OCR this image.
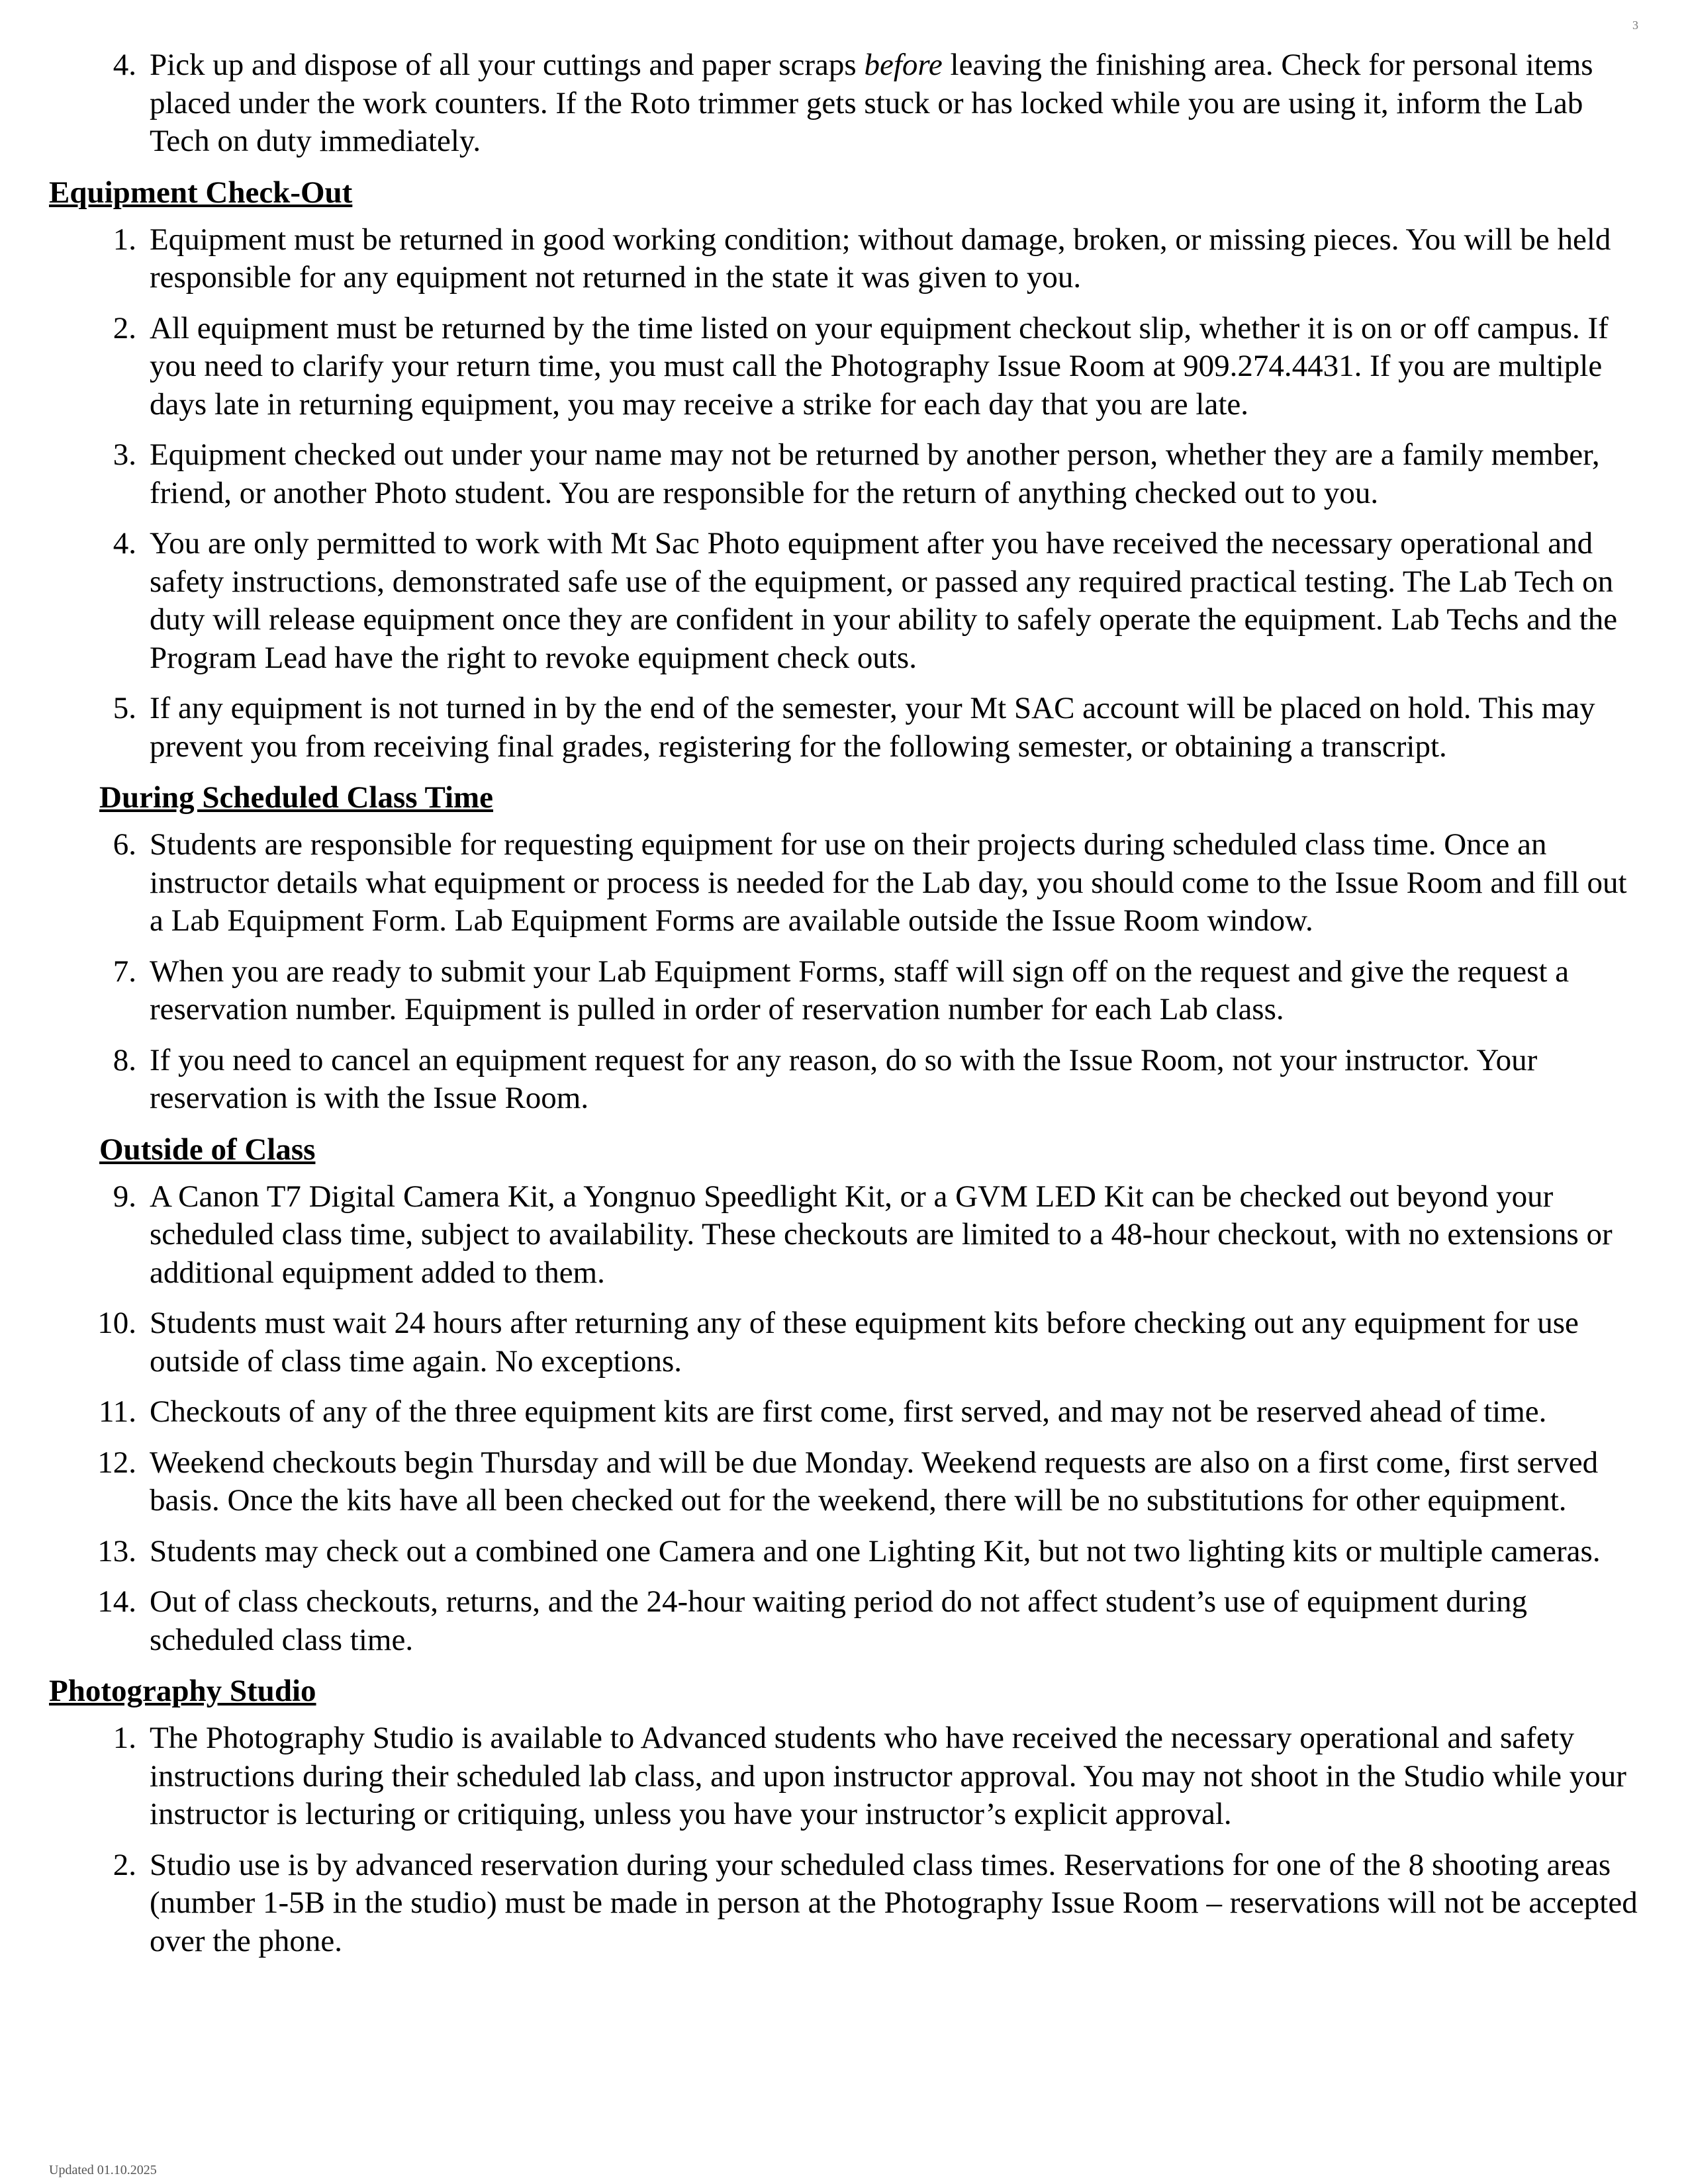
3
4. Pick up and dispose of all your cuttings and paper scraps before leaving the finishing area. Check for personal items placed under the work counters. If the Roto trimmer gets stuck or has locked while you are using it, inform the Lab Tech on duty immediately.
Equipment Check-Out
1. Equipment must be returned in good working condition; without damage, broken, or missing pieces. You will be held responsible for any equipment not returned in the state it was given to you.
2. All equipment must be returned by the time listed on your equipment checkout slip, whether it is on or off campus. If you need to clarify your return time, you must call the Photography Issue Room at 909.274.4431. If you are multiple days late in returning equipment, you may receive a strike for each day that you are late.
3. Equipment checked out under your name may not be returned by another person, whether they are a family member, friend, or another Photo student. You are responsible for the return of anything checked out to you.
4. You are only permitted to work with Mt Sac Photo equipment after you have received the necessary operational and safety instructions, demonstrated safe use of the equipment, or passed any required practical testing. The Lab Tech on duty will release equipment once they are confident in your ability to safely operate the equipment. Lab Techs and the Program Lead have the right to revoke equipment check outs.
5. If any equipment is not turned in by the end of the semester, your Mt SAC account will be placed on hold. This may prevent you from receiving final grades, registering for the following semester, or obtaining a transcript.
During Scheduled Class Time
6. Students are responsible for requesting equipment for use on their projects during scheduled class time. Once an instructor details what equipment or process is needed for the Lab day, you should come to the Issue Room and fill out a Lab Equipment Form. Lab Equipment Forms are available outside the Issue Room window.
7. When you are ready to submit your Lab Equipment Forms, staff will sign off on the request and give the request a reservation number. Equipment is pulled in order of reservation number for each Lab class.
8. If you need to cancel an equipment request for any reason, do so with the Issue Room, not your instructor. Your reservation is with the Issue Room.
Outside of Class
9. A Canon T7 Digital Camera Kit, a Yongnuo Speedlight Kit, or a GVM LED Kit can be checked out beyond your scheduled class time, subject to availability. These checkouts are limited to a 48-hour checkout, with no extensions or additional equipment added to them.
10. Students must wait 24 hours after returning any of these equipment kits before checking out any equipment for use outside of class time again. No exceptions.
11. Checkouts of any of the three equipment kits are first come, first served, and may not be reserved ahead of time.
12. Weekend checkouts begin Thursday and will be due Monday. Weekend requests are also on a first come, first served basis. Once the kits have all been checked out for the weekend, there will be no substitutions for other equipment.
13. Students may check out a combined one Camera and one Lighting Kit, but not two lighting kits or multiple cameras.
14. Out of class checkouts, returns, and the 24-hour waiting period do not affect student’s use of equipment during scheduled class time.
Photography Studio
1. The Photography Studio is available to Advanced students who have received the necessary operational and safety instructions during their scheduled lab class, and upon instructor approval. You may not shoot in the Studio while your instructor is lecturing or critiquing, unless you have your instructor’s explicit approval.
2. Studio use is by advanced reservation during your scheduled class times. Reservations for one of the 8 shooting areas (number 1-5B in the studio) must be made in person at the Photography Issue Room – reservations will not be accepted over the phone.
Updated 01.10.2025
